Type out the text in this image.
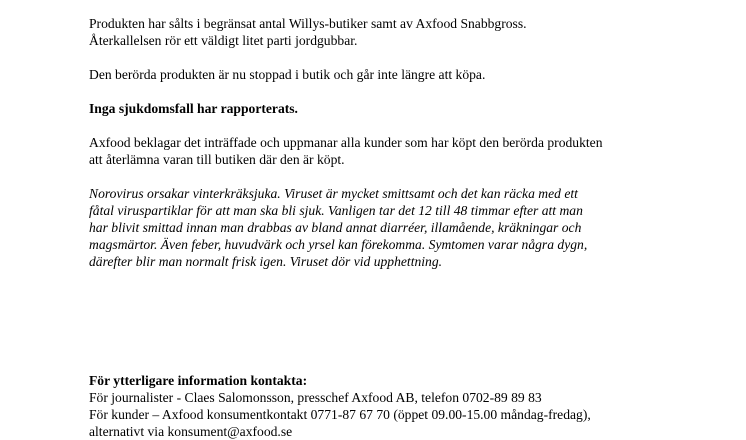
Produkten har sålts i begränsat antal Willys-butiker samt av Axfood Snabbgross.
Återkallelsen rör ett väldigt litet parti jordgubbar.

Den berörda produkten är nu stoppad i butik och går inte längre att köpa.

Inga sjukdomsfall har rapporterats.

Axfood beklagar det inträffade och uppmanar alla kunder som har köpt den berörda produkten
att återlämna varan till butiken där den är köpt.

Norovirus orsakar vinterkräksjuka. Viruset är mycket smittsamt och det kan räcka med ett
fåtal viruspartiklar för att man ska bli sjuk. Vanligen tar det 12 till 48 timmar efter att man
har blivit smittad innan man drabbas av bland annat diarréer, illamående, kräkningar och
magsmärtor. Även feber, huvudvärk och yrsel kan förekomma. Symtomen varar några dygn,
därefter blir man normalt frisk igen. Viruset dör vid upphettning.

För ytterligare information kontakta:
För journalister - Claes Salomonsson, presschef Axfood AB, telefon 0702-89 89 83
För kunder – Axfood konsumentkontakt 0771-87 67 70 (öppet 09.00-15.00 måndag-fredag),
alternativt via konsument@axfood.se
